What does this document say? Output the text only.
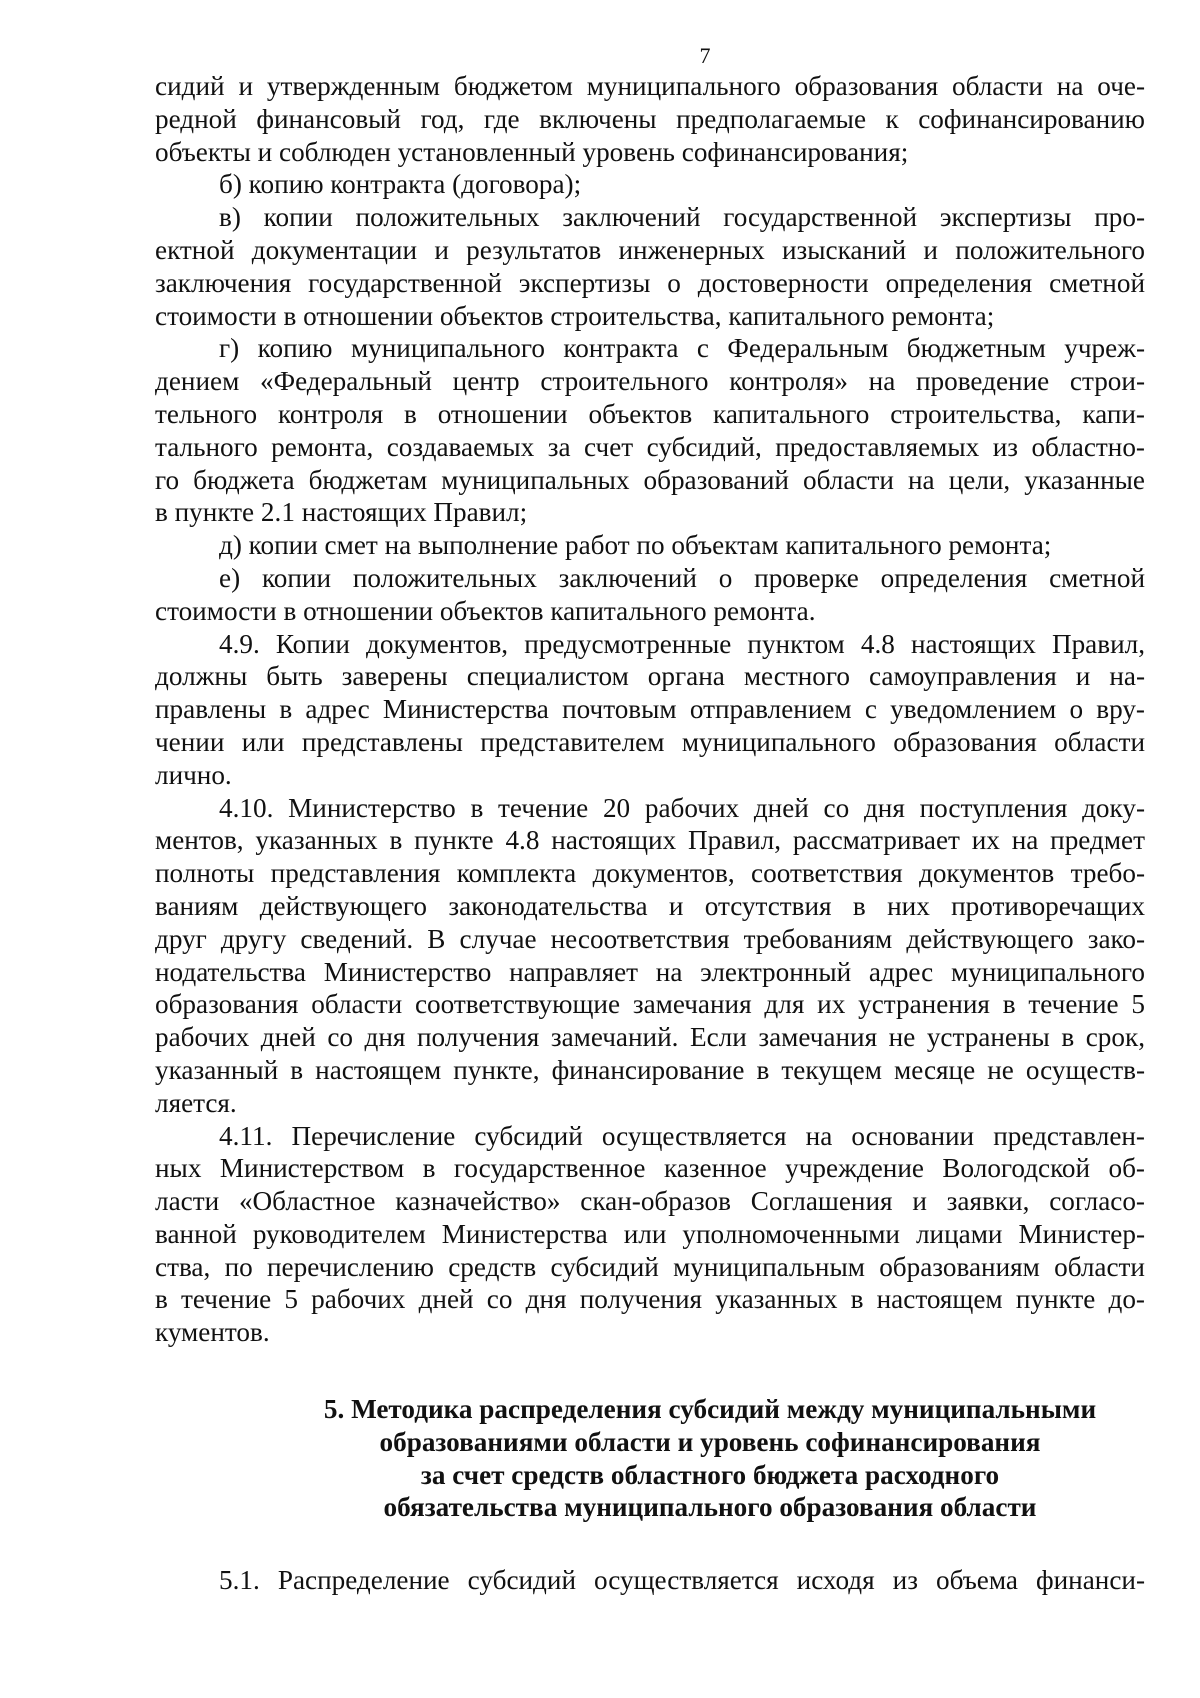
7

сидий и утвержденным бюджетом муниципального образования области на оче-
редной финансовый год, где включены предполагаемые к софинансированию
объекты и соблюден установленный уровень софинансирования;

б) копию контракта (договора);

в) копии положительных заключений государственной экспертизы про-
ектной документации и результатов инженерных изысканий и положительного
заключения государственной экспертизы о достоверности определения сметной
стоимости в отношении объектов строительства, капитального ремонта;

г) копию муниципального контракта с Федеральным бюджетным учреж-
дением «Федеральный центр строительного контроля» на проведение строи-
тельного контроля в отношении объектов капитального строительства, капи-
тального ремонта, создаваемых за счет субсидий, предоставляемых из областно-
го бюджета бюджетам муниципальных образований области на цели, указанные
в пункте 2.1 настоящих Правил;

д) копии смет на выполнение работ по объектам капитального ремонта;

е) копии положительных заключений о проверке определения сметной
стоимости в отношении объектов капитального ремонта.

4.9. Копии документов, предусмотренные пунктом 4.8 настоящих Правил,
должны быть заверены специалистом органа местного самоуправления и на-
правлены в адрес Министерства почтовым отправлением с уведомлением о вру-
чении или представлены представителем муниципального образования области
лично.

4.10. Министерство в течение 20 рабочих дней со дня поступления доку-
ментов, указанных в пункте 4.8 настоящих Правил, рассматривает их на предмет
полноты представления комплекта документов, соответствия документов требо-
ваниям действующего законодательства и отсутствия в них противоречащих
друг другу сведений. В случае несоответствия требованиям действующего зако-
нодательства Министерство направляет на электронный адрес муниципального
образования области соответствующие замечания для их устранения в течение 5
рабочих дней со дня получения замечаний. Если замечания не устранены в срок,
указанный в настоящем пункте, финансирование в текущем месяце не осуществ-
ляется.

4.11. Перечисление субсидий осуществляется на основании представлен-
ных Министерством в государственное казенное учреждение Вологодской об-
ласти «Областное казначейство» скан-образов Соглашения и заявки, согласо-
ванной руководителем Министерства или уполномоченными лицами Министер-
ства, по перечислению средств субсидий муниципальным образованиям области
в течение 5 рабочих дней со дня получения указанных в настоящем пункте до-
кументов.

5. Методика распределения субсидий между муниципальными
образованиями области и уровень софинансирования
за счет средств областного бюджета расходного
обязательства муниципального образования области

5.1. Распределение субсидий осуществляется исходя из объема финанси-
